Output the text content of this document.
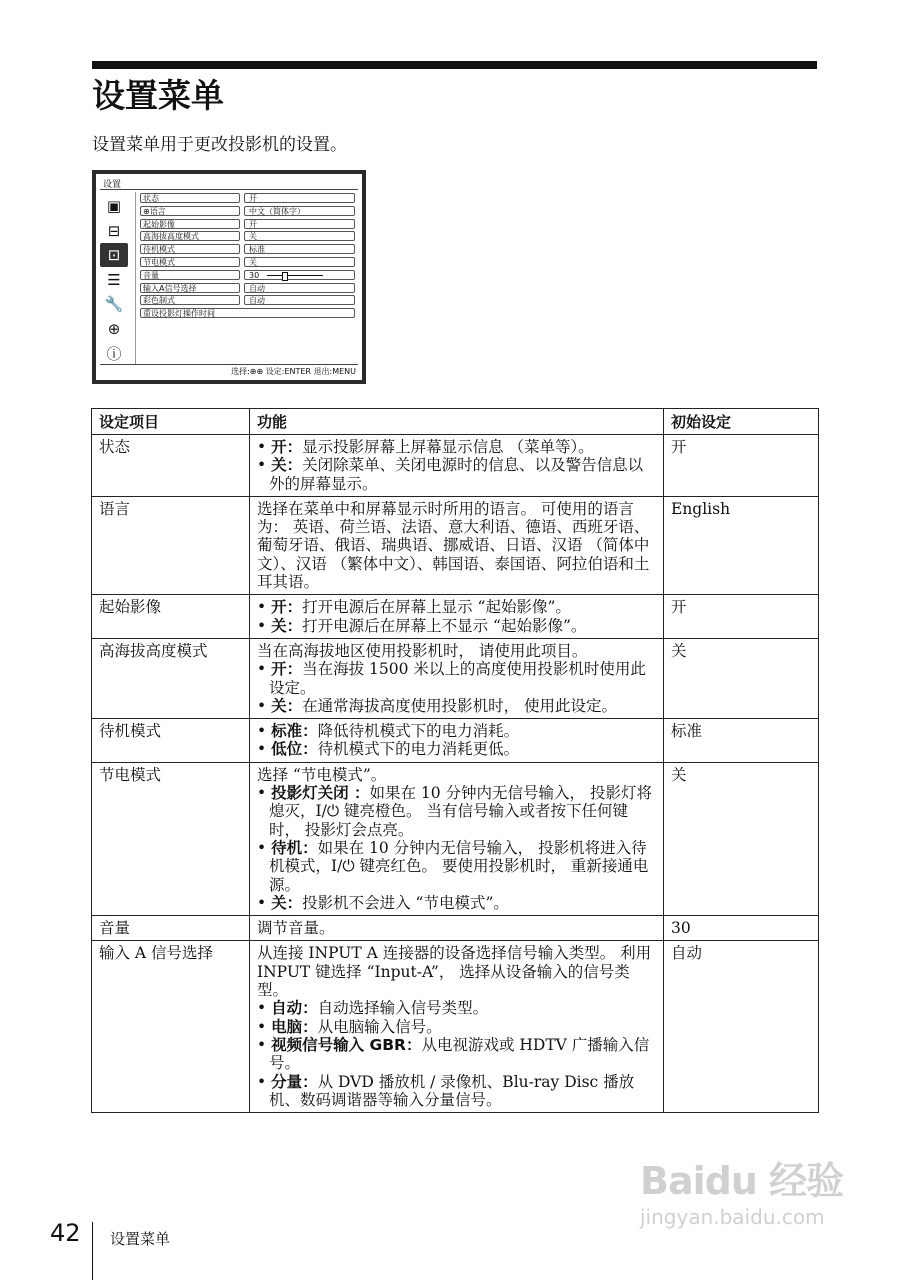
设置菜单
设置菜单用于更改投影机的设置。
设置
▣
⊟
⊡
☰
🔧
⊕
ⓘ
状态	开
⊕语言	中文（简体字）
起始影像	开
高海拔高度模式	关
待机模式	标准
节电模式	关
音量	30
输入A信号选择	自动
彩色制式	自动
重设投影灯操作时间
选择:⊕⊕ 设定:ENTER 退出:MENU
设定项目	功能	初始设定
状态	• 开：显示投影屏幕上屏幕显示信息 （菜单等）。
• 关：关闭除菜单、关闭电源时的信息、以及警告信息以外的屏幕显示。	开
语言	选择在菜单中和屏幕显示时所用的语言。 可使用的语言为： 英语、荷兰语、法语、意大利语、德语、西班牙语、葡萄牙语、俄语、瑞典语、挪威语、日语、汉语 （简体中文）、汉语 （繁体中文）、韩国语、泰国语、阿拉伯语和土耳其语。	English
起始影像	• 开：打开电源后在屏幕上显示 “起始影像”。
• 关：打开电源后在屏幕上不显示 “起始影像”。	开
高海拔高度模式	当在高海拔地区使用投影机时， 请使用此项目。
• 开：当在海拔 1500 米以上的高度使用投影机时使用此设定。
• 关：在通常海拔高度使用投影机时， 使用此设定。	关
待机模式	• 标准：降低待机模式下的电力消耗。
• 低位：待机模式下的电力消耗更低。	标准
节电模式	选择 “节电模式”。
• 投影灯关闭 ：如果在 10 分钟内无信号输入， 投影灯将熄灭，I/⏻ 键亮橙色。 当有信号输入或者按下任何键时， 投影灯会点亮。
• 待机：如果在 10 分钟内无信号输入， 投影机将进入待机模式，I/⏻ 键亮红色。 要使用投影机时， 重新接通电源。
• 关：投影机不会进入 “节电模式”。	关
音量	调节音量。	30
输入 A 信号选择	从连接 INPUT A 连接器的设备选择信号输入类型。 利用 INPUT 键选择 “Input-A”， 选择从设备输入的信号类型。
• 自动：自动选择输入信号类型。
• 电脑：从电脑输入信号。
• 视频信号输入 GBR：从电视游戏或 HDTV 广播输入信号。
• 分量：从 DVD 播放机 / 录像机、Blu-ray Disc 播放机、数码调谐器等输入分量信号。	自动
42 设置菜单
Baidu 经验
jingyan.baidu.com
